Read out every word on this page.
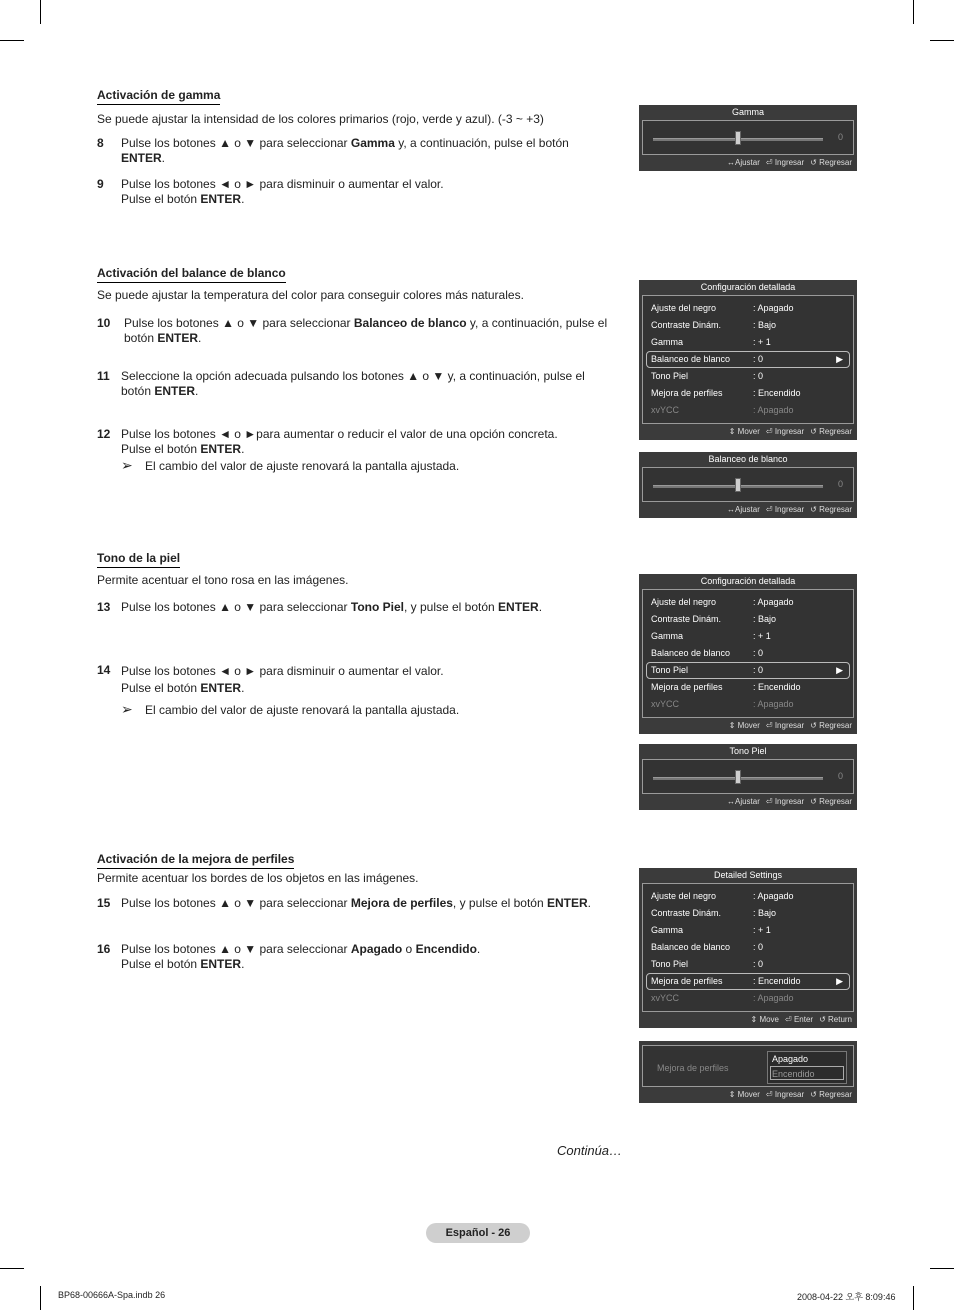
Activación de gamma
Se puede ajustar la intensidad de los colores primarios (rojo, verde y azul). (-3 ~ +3)
8	Pulse los botones ▲ o ▼ para seleccionar Gamma y, a continuación, pulse el botón
ENTER.
9	Pulse los botones ◄ o ► para disminuir o aumentar el valor.
Pulse el botón ENTER.
Gamma
0
↔Ajustar ⏎ Ingresar ↺ Regresar
Activación del balance de blanco
Se puede ajustar la temperatura del color para conseguir colores más naturales.
10	Pulse los botones ▲ o ▼ para seleccionar Balanceo de blanco y, a continuación, pulse el
botón ENTER.
11 Seleccione la opción adecuada pulsando los botones ▲ o ▼ y, a continuación, pulse el
botón ENTER.
12 Pulse los botones ◄ o ►para aumentar o reducir el valor de una opción concreta.
Pulse el botón ENTER.
➢	El cambio del valor de ajuste renovará la pantalla ajustada.
Configuración detallada
Ajuste del negro	: Apagado
Contraste Dinám.	: Bajo
Gamma	: + 1
Balanceo de blanco	: 0	▶
Tono Piel	: 0
Mejora de perfiles	: Encendido
xvYCC	: Apagado
⇕ Mover ⏎ Ingresar ↺ Regresar
Balanceo de blanco
0
↔Ajustar ⏎ Ingresar ↺ Regresar
Tono de la piel
Permite acentuar el tono rosa en las imágenes.
13 Pulse los botones ▲ o ▼ para seleccionar Tono Piel, y pulse el botón ENTER.
14 Pulse los botones ◄ o ► para disminuir o aumentar el valor.
Pulse el botón ENTER.
➢	El cambio del valor de ajuste renovará la pantalla ajustada.
Configuración detallada
Ajuste del negro	: Apagado
Contraste Dinám.	: Bajo
Gamma	: + 1
Balanceo de blanco	: 0
Tono Piel	: 0	▶
Mejora de perfiles	: Encendido
xvYCC	: Apagado
⇕ Mover ⏎ Ingresar ↺ Regresar
Tono Piel
0
↔Ajustar ⏎ Ingresar ↺ Regresar
Activación de la mejora de perfiles
Permite acentuar los bordes de los objetos en las imágenes.
15 Pulse los botones ▲ o ▼ para seleccionar Mejora de perfiles, y pulse el botón ENTER.
16 Pulse los botones ▲ o ▼ para seleccionar Apagado o Encendido.
Pulse el botón ENTER.
Detailed Settings
Ajuste del negro	: Apagado
Contraste Dinám.	: Bajo
Gamma	: + 1
Balanceo de blanco	: 0
Tono Piel	: 0
Mejora de perfiles	: Encendido	▶
xvYCC	: Apagado
⇕ Move ⏎ Enter ↺ Return
Mejora de perfiles
Apagado
Encendido
⇕ Mover ⏎ Ingresar ↺ Regresar
Continúa…
Español - 26
BP68-00666A-Spa.indb 26	2008-04-22 오후 8:09:46
